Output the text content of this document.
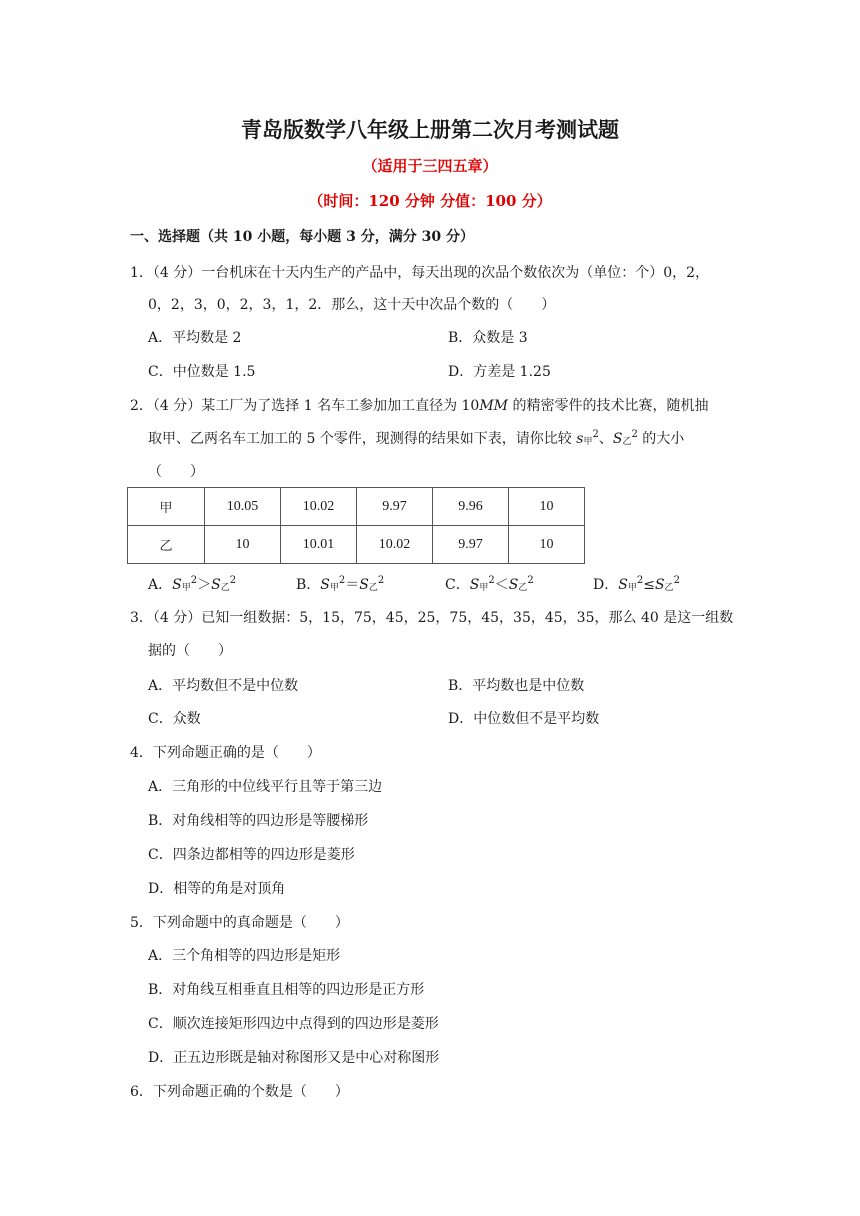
青岛版数学八年级上册第二次月考测试题
（适用于三四五章）
（时间：120 分钟 分值：100 分）
一、选择题（共 10 小题，每小题 3 分，满分 30 分）
1．（4 分）一台机床在十天内生产的产品中，每天出现的次品个数依次为（单位：个）0，2，
0，2，3，0，2，3，1，2．那么，这十天中次品个数的（　　）
A．平均数是 2	B．众数是 3
C．中位数是 1.5	D．方差是 1.25
2．（4 分）某工厂为了选择 1 名车工参加加工直径为 10MM 的精密零件的技术比赛，随机抽
取甲、乙两名车工加工的 5 个零件，现测得的结果如下表，请你比较 $s_甲^2$、$S_乙^2$ 的大小
（　　）
甲	10.05	10.02	9.97	9.96	10
乙	10	10.01	10.02	9.97	10
A．$S_甲^2>S_乙^2$	B．$S_甲^2=S_乙^2$	C．$S_甲^2<S_乙^2$	D．$S_甲^2\le S_乙^2$
3．（4 分）已知一组数据：5，15，75，45，25，75，45，35，45，35，那么 40 是这一组数
据的（　　）
A．平均数但不是中位数	B．平均数也是中位数
C．众数	D．中位数但不是平均数
4．下列命题正确的是（　　）
A．三角形的中位线平行且等于第三边
B．对角线相等的四边形是等腰梯形
C．四条边都相等的四边形是菱形
D．相等的角是对顶角
5．下列命题中的真命题是（　　）
A．三个角相等的四边形是矩形
B．对角线互相垂直且相等的四边形是正方形
C．顺次连接矩形四边中点得到的四边形是菱形
D．正五边形既是轴对称图形又是中心对称图形
6．下列命题正确的个数是（　　）
